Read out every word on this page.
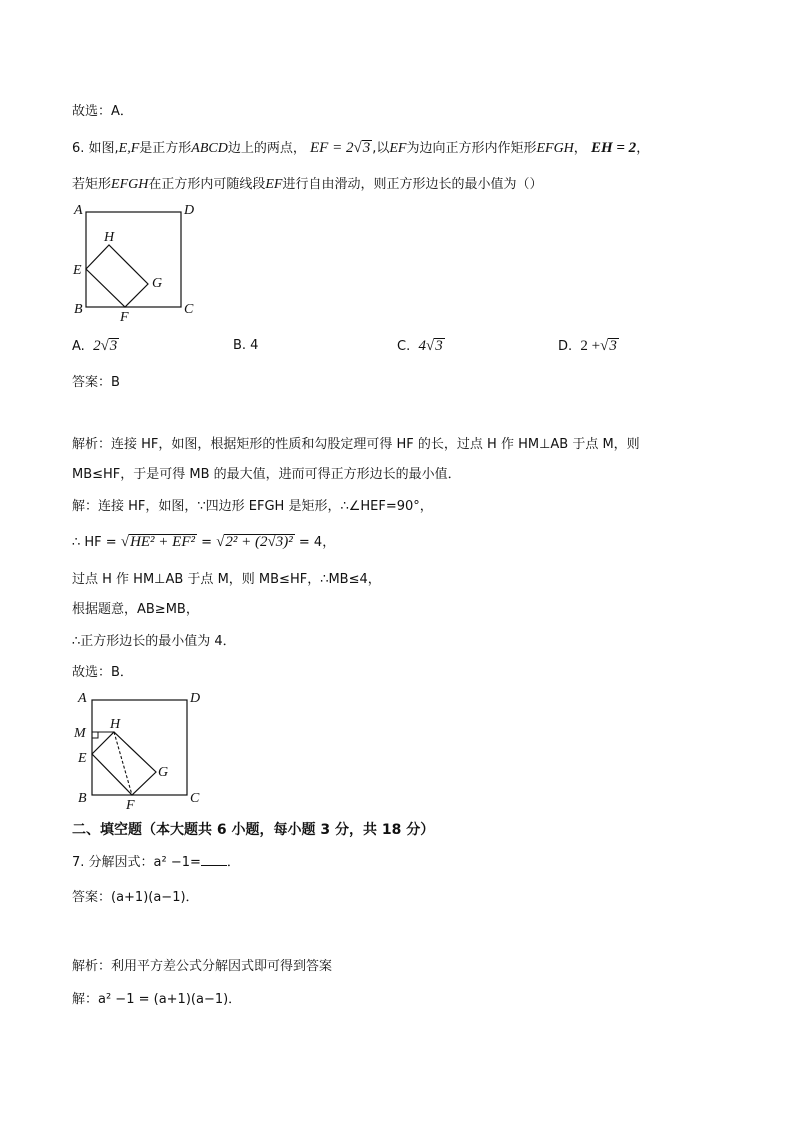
故选：A．
6. 如图,E,F是正方形ABCD边上的两点， EF = 2√3 ,以EF为边向正方形内作矩形EFGH， EH = 2，
若矩形EFGH在正方形内可随线段EF进行自由滑动，则正方形边长的最小值为（）
A	D
H
E
G
B
F
C
A. 2√3	B. 4	C. 4√3	D. 2 +√3
答案：B
解析：连接 HF，如图，根据矩形的性质和勾股定理可得 HF 的长，过点 H 作 HM⊥AB 于点 M，则
MB≤HF，于是可得 MB 的最大值，进而可得正方形边长的最小值．
解：连接 HF，如图，∵四边形 EFGH 是矩形，∴∠HEF=90°，
∴ HF = √HE² + EF² = √2² + (2√3)² = 4，
过点 H 作 HM⊥AB 于点 M，则 MB≤HF，∴MB≤4，
根据题意，AB≥MB，
∴正方形边长的最小值为 4．
故选：B．
A	D
M
H
E
G
B	F	C
二、填空题（本大题共 6 小题，每小题 3 分，共 18 分）
7. 分解因式：a² −1= ．
答案：(a+1)(a−1)．
解析：利用平方差公式分解因式即可得到答案
解：a² −1 = (a+1)(a−1)．
